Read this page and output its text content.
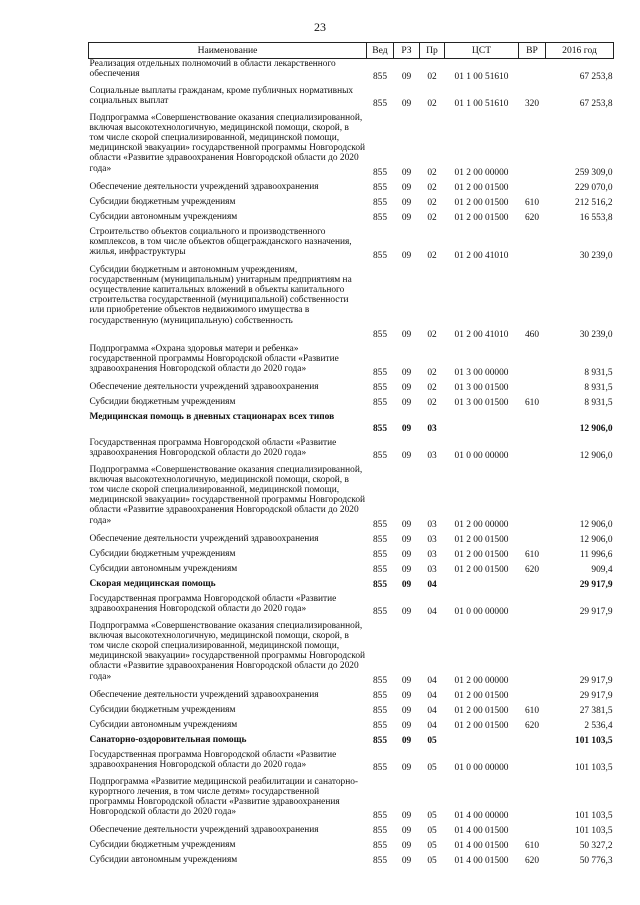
23
Наименование	Вед	РЗ	Пр	ЦСТ	ВР	2016 год
Реализация отдельных полномочий в области лекарственного обеспечения	855	09	02	01 1 00 51610		67 253,8
Социальные выплаты гражданам, кроме публичных нормативных социальных выплат	855	09	02	01 1 00 51610	320	67 253,8
Подпрограмма «Совершенствование оказания специализированной, включая высокотехнологичную, медицинской помощи, скорой, в том числе скорой специализированной, медицинской помощи, медицинской эвакуации» государственной программы Новгородской области «Развитие здравоохранения Новгородской области до 2020 года»	855	09	02	01 2 00 00000		259 309,0
Обеспечение деятельности учреждений здравоохранения	855	09	02	01 2 00 01500		229 070,0
Субсидии бюджетным учреждениям	855	09	02	01 2 00 01500	610	212 516,2
Субсидии автономным учреждениям	855	09	02	01 2 00 01500	620	16 553,8
Строительство объектов социального и производственного комплексов, в том числе объектов общегражданского назначения, жилья, инфраструктуры	855	09	02	01 2 00 41010		30 239,0
Субсидии бюджетным и автономным учреждениям, государственным (муниципальным) унитарным предприятиям на осуществление капитальных вложений в объекты капитального строительства государственной (муниципальной) собственности или приобретение объектов недвижимого имущества в государственную (муниципальную) собственность	855	09	02	01 2 00 41010	460	30 239,0
Подпрограмма «Охрана здоровья матери и ребенка» государственной программы Новгородской области «Развитие здравоохранения Новгородской области до 2020 года»	855	09	02	01 3 00 00000		8 931,5
Обеспечение деятельности учреждений здравоохранения	855	09	02	01 3 00 01500		8 931,5
Субсидии бюджетным учреждениям	855	09	02	01 3 00 01500	610	8 931,5
Медицинская помощь в дневных стационарах всех типов	855	09	03			12 906,0
Государственная программа Новгородской области «Развитие здравоохранения Новгородской области до 2020 года»	855	09	03	01 0 00 00000		12 906,0
Подпрограмма «Совершенствование оказания специализированной, включая высокотехнологичную, медицинской помощи, скорой, в том числе скорой специализированной, медицинской помощи, медицинской эвакуации» государственной программы Новгородской области «Развитие здравоохранения Новгородской области до 2020 года»	855	09	03	01 2 00 00000		12 906,0
Обеспечение деятельности учреждений здравоохранения	855	09	03	01 2 00 01500		12 906,0
Субсидии бюджетным учреждениям	855	09	03	01 2 00 01500	610	11 996,6
Субсидии автономным учреждениям	855	09	03	01 2 00 01500	620	909,4
Скорая медицинская помощь	855	09	04			29 917,9
Государственная программа Новгородской области «Развитие здравоохранения Новгородской области до 2020 года»	855	09	04	01 0 00 00000		29 917,9
Подпрограмма «Совершенствование оказания специализированной, включая высокотехнологичную, медицинской помощи, скорой, в том числе скорой специализированной, медицинской помощи, медицинской эвакуации» государственной программы Новгородской области «Развитие здравоохранения Новгородской области до 2020 года»	855	09	04	01 2 00 00000		29 917,9
Обеспечение деятельности учреждений здравоохранения	855	09	04	01 2 00 01500		29 917,9
Субсидии бюджетным учреждениям	855	09	04	01 2 00 01500	610	27 381,5
Субсидии автономным учреждениям	855	09	04	01 2 00 01500	620	2 536,4
Санаторно-оздоровительная помощь	855	09	05			101 103,5
Государственная программа Новгородской области «Развитие здравоохранения Новгородской области до 2020 года»	855	09	05	01 0 00 00000		101 103,5
Подпрограмма «Развитие медицинской реабилитации и санаторно-курортного лечения, в том числе детям» государственной программы Новгородской области «Развитие здравоохранения Новгородской области до 2020 года»	855	09	05	01 4 00 00000		101 103,5
Обеспечение деятельности учреждений здравоохранения	855	09	05	01 4 00 01500		101 103,5
Субсидии бюджетным учреждениям	855	09	05	01 4 00 01500	610	50 327,2
Субсидии автономным учреждениям	855	09	05	01 4 00 01500	620	50 776,3
